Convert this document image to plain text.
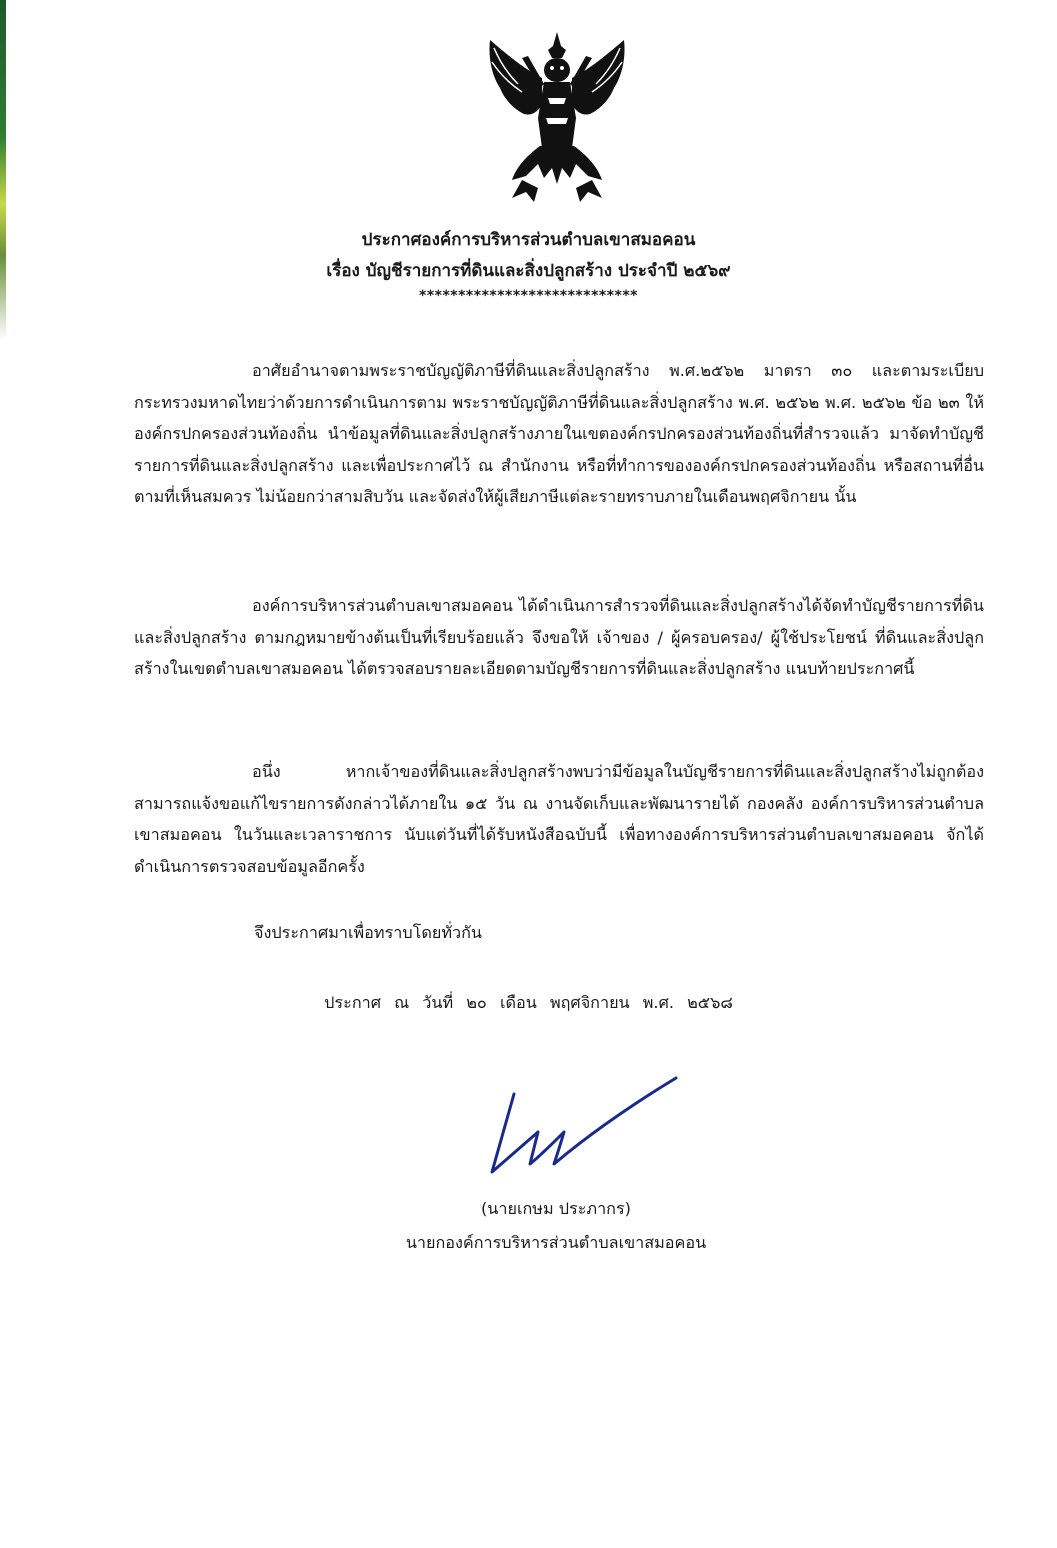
ประกาศองค์การบริหารส่วนตำบลเขาสมอคอน
เรื่อง บัญชีรายการที่ดินและสิ่งปลูกสร้าง ประจำปี ๒๕๖๙
****************************
อาศัยอำนาจตามพระราชบัญญัติภาษีที่ดินและสิ่งปลูกสร้าง พ.ศ.๒๕๖๒ มาตรา ๓๐ และตามระเบียบกระทรวงมหาดไทยว่าด้วยการดำเนินการตาม พระราชบัญญัติภาษีที่ดินและสิ่งปลูกสร้าง พ.ศ. ๒๕๖๒ พ.ศ. ๒๕๖๒ ข้อ ๒๓ ให้องค์กรปกครองส่วนท้องถิ่น นำข้อมูลที่ดินและสิ่งปลูกสร้างภายในเขตองค์กรปกครองส่วนท้องถิ่นที่สำรวจแล้ว มาจัดทำบัญชีรายการที่ดินและสิ่งปลูกสร้าง และเพื่อประกาศไว้ ณ สำนักงาน หรือที่ทำการขององค์กรปกครองส่วนท้องถิ่น หรือสถานที่อื่นตามที่เห็นสมควร ไม่น้อยกว่าสามสิบวัน และจัดส่งให้ผู้เสียภาษีแต่ละรายทราบภายในเดือนพฤศจิกายน นั้น
องค์การบริหารส่วนตำบลเขาสมอคอน ได้ดำเนินการสำรวจที่ดินและสิ่งปลูกสร้างได้จัดทำบัญชีรายการที่ดินและสิ่งปลูกสร้าง ตามกฎหมายข้างต้นเป็นที่เรียบร้อยแล้ว จึงขอให้ เจ้าของ / ผู้ครอบครอง/ ผู้ใช้ประโยชน์ ที่ดินและสิ่งปลูกสร้างในเขตตำบลเขาสมอคอน ได้ตรวจสอบรายละเอียดตามบัญชีรายการที่ดินและสิ่งปลูกสร้าง แนบท้ายประกาศนี้
อนึ่ง หากเจ้าของที่ดินและสิ่งปลูกสร้างพบว่ามีข้อมูลในบัญชีรายการที่ดินและสิ่งปลูกสร้างไม่ถูกต้อง สามารถแจ้งขอแก้ไขรายการดังกล่าวได้ภายใน ๑๕ วัน ณ งานจัดเก็บและพัฒนารายได้ กองคลัง องค์การบริหารส่วนตำบลเขาสมอคอน ในวันและเวลาราชการ นับแต่วันที่ได้รับหนังสือฉบับนี้ เพื่อทางองค์การบริหารส่วนตำบลเขาสมอคอน จักได้ดำเนินการตรวจสอบข้อมูลอีกครั้ง
จึงประกาศมาเพื่อทราบโดยทั่วกัน
ประกาศ ณ วันที่ ๒๐ เดือน พฤศจิกายน พ.ศ. ๒๕๖๘
(นายเกษม ประภากร)
นายกองค์การบริหารส่วนตำบลเขาสมอคอน
